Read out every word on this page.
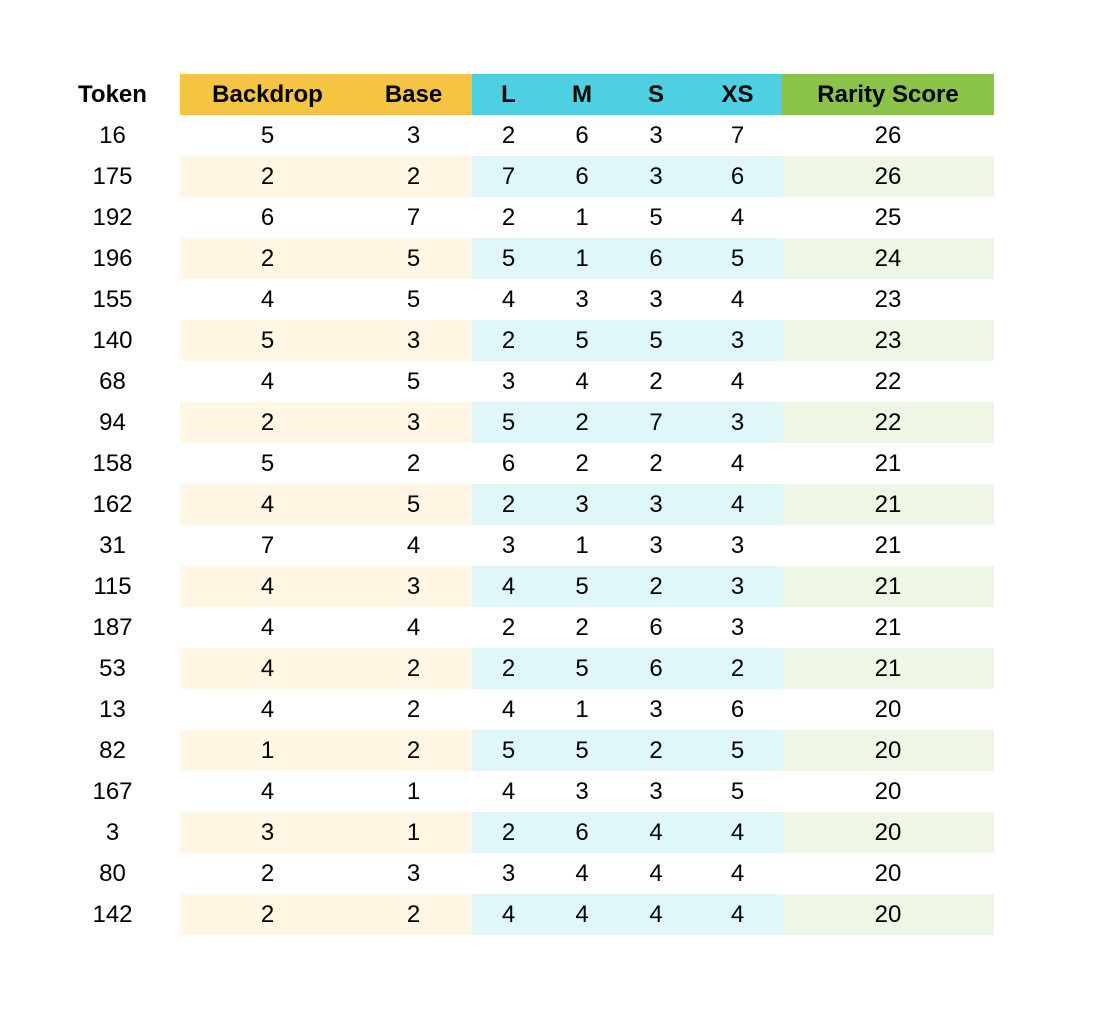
Token	Backdrop	Base	L	M	S	XS	Rarity Score
16	5	3	2	6	3	7	26
175	2	2	7	6	3	6	26
192	6	7	2	1	5	4	25
196	2	5	5	1	6	5	24
155	4	5	4	3	3	4	23
140	5	3	2	5	5	3	23
68	4	5	3	4	2	4	22
94	2	3	5	2	7	3	22
158	5	2	6	2	2	4	21
162	4	5	2	3	3	4	21
31	7	4	3	1	3	3	21
115	4	3	4	5	2	3	21
187	4	4	2	2	6	3	21
53	4	2	2	5	6	2	21
13	4	2	4	1	3	6	20
82	1	2	5	5	2	5	20
167	4	1	4	3	3	5	20
3	3	1	2	6	4	4	20
80	2	3	3	4	4	4	20
142	2	2	4	4	4	4	20
